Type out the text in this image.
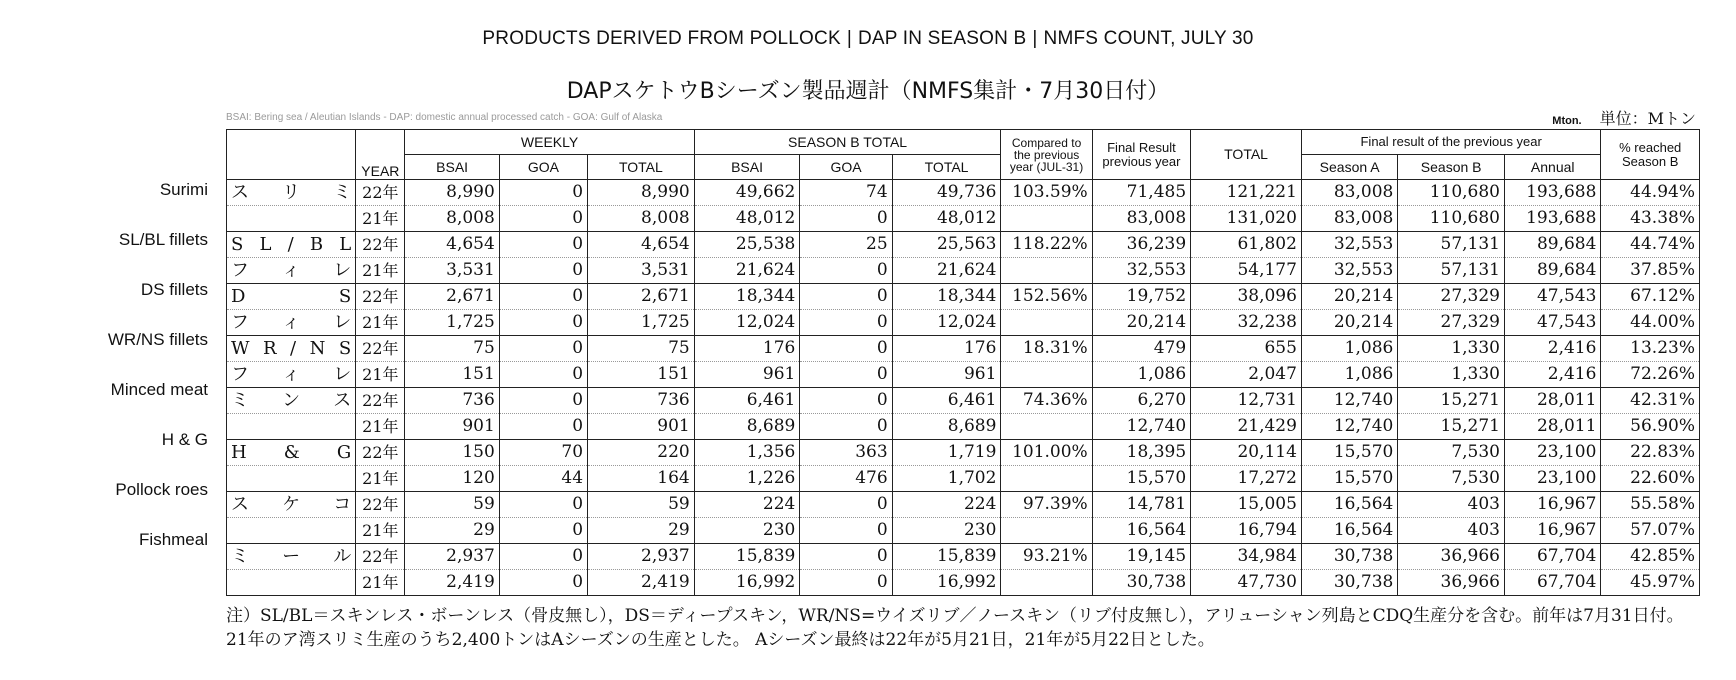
PRODUCTS DERIVED FROM POLLOCK | DAP IN SEASON B | NMFS COUNT, JULY 30
DAPスケトウBシーズン製品週計（NMFS集計・7月30日付）
BSAI: Bering sea / Aleutian Islands - DAP: domestic annual processed catch - GOA: Gulf of Alaska	Mton. 単位：Mトン
	YEAR	WEEKLY			SEASON B TOTAL			Compared to the previous year (JUL-31)	Final Result previous year	TOTAL	Final result of the previous year			% reached Season B
		BSAI	GOA	TOTAL	BSAI	GOA	TOTAL				Season A	Season B	Annual	

ス リ ミ	22年	8,990	0	8,990	49,662	74	49,736	103.59%	71,485	121,221	83,008	110,680	193,688	44.94%

	21年	8,008	0	8,008	48,012	0	48,012		83,008	131,020	83,008	110,680	193,688	43.38%

S L / B L	22年	4,654	0	4,654	25,538	25	25,563	118.22%	36,239	61,802	32,553	57,131	89,684	44.74%

フ ィ レ	21年	3,531	0	3,531	21,624	0	21,624		32,553	54,177	32,553	57,131	89,684	37.85%

D S	22年	2,671	0	2,671	18,344	0	18,344	152.56%	19,752	38,096	20,214	27,329	47,543	67.12%

フ ィ レ	21年	1,725	0	1,725	12,024	0	12,024		20,214	32,238	20,214	27,329	47,543	44.00%

W R / N S	22年	75	0	75	176	0	176	18.31%	479	655	1,086	1,330	2,416	13.23%

フ ィ レ	21年	151	0	151	961	0	961		1,086	2,047	1,086	1,330	2,416	72.26%

ミ ン ス	22年	736	0	736	6,461	0	6,461	74.36%	6,270	12,731	12,740	15,271	28,011	42.31%

	21年	901	0	901	8,689	0	8,689		12,740	21,429	12,740	15,271	28,011	56.90%

H & G	22年	150	70	220	1,356	363	1,719	101.00%	18,395	20,114	15,570	7,530	23,100	22.83%

	21年	120	44	164	1,226	476	1,702		15,570	17,272	15,570	7,530	23,100	22.60%

ス ケ コ	22年	59	0	59	224	0	224	97.39%	14,781	15,005	16,564	403	16,967	55.58%

	21年	29	0	29	230	0	230		16,564	16,794	16,564	403	16,967	57.07%

ミ ー ル	22年	2,937	0	2,937	15,839	0	15,839	93.21%	19,145	34,984	30,738	36,966	67,704	42.85%

	21年	2,419	0	2,419	16,992	0	16,992		30,738	47,730	30,738	36,966	67,704	45.97%
Surimi
SL/BL fillets
DS fillets
WR/NS fillets
Minced meat
H & G
Pollock roes
Fishmeal
注）SL/BL＝スキンレス・ボーンレス（骨皮無し），DS＝ディープスキン，WR/NS=ウイズリブ／ノースキン（リブ付皮無し），アリューシャン列島とCDQ生産分を含む。前年は7月31日付。21年のア湾スリミ生産のうち2,400トンはAシーズンの生産とした。 Aシーズン最終は22年が5月21日，21年が5月22日とした。
